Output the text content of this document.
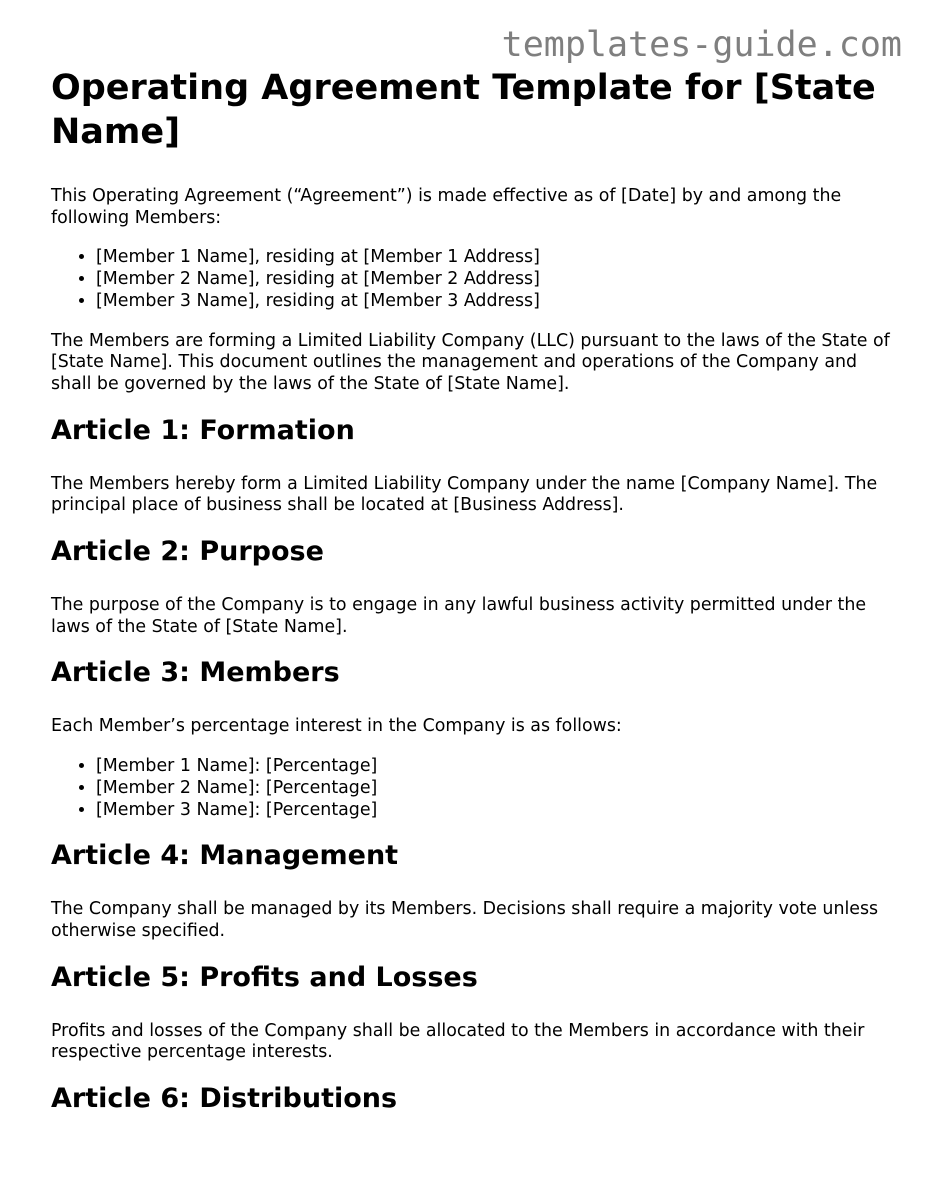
templates-guide.com
Operating Agreement Template for [State Name]

This Operating Agreement (“Agreement”) is made effective as of [Date] by and among the following Members:

• [Member 1 Name], residing at [Member 1 Address]
• [Member 2 Name], residing at [Member 2 Address]
• [Member 3 Name], residing at [Member 3 Address]

The Members are forming a Limited Liability Company (LLC) pursuant to the laws of the State of [State Name]. This document outlines the management and operations of the Company and shall be governed by the laws of the State of [State Name].

Article 1: Formation

The Members hereby form a Limited Liability Company under the name [Company Name]. The principal place of business shall be located at [Business Address].

Article 2: Purpose

The purpose of the Company is to engage in any lawful business activity permitted under the laws of the State of [State Name].

Article 3: Members

Each Member’s percentage interest in the Company is as follows:

• [Member 1 Name]: [Percentage]
• [Member 2 Name]: [Percentage]
• [Member 3 Name]: [Percentage]
Article 4: Management

The Company shall be managed by its Members. Decisions shall require a majority vote unless otherwise specified.

Article 5: Profits and Losses

Profits and losses of the Company shall be allocated to the Members in accordance with their respective percentage interests.

Article 6: Distributions
